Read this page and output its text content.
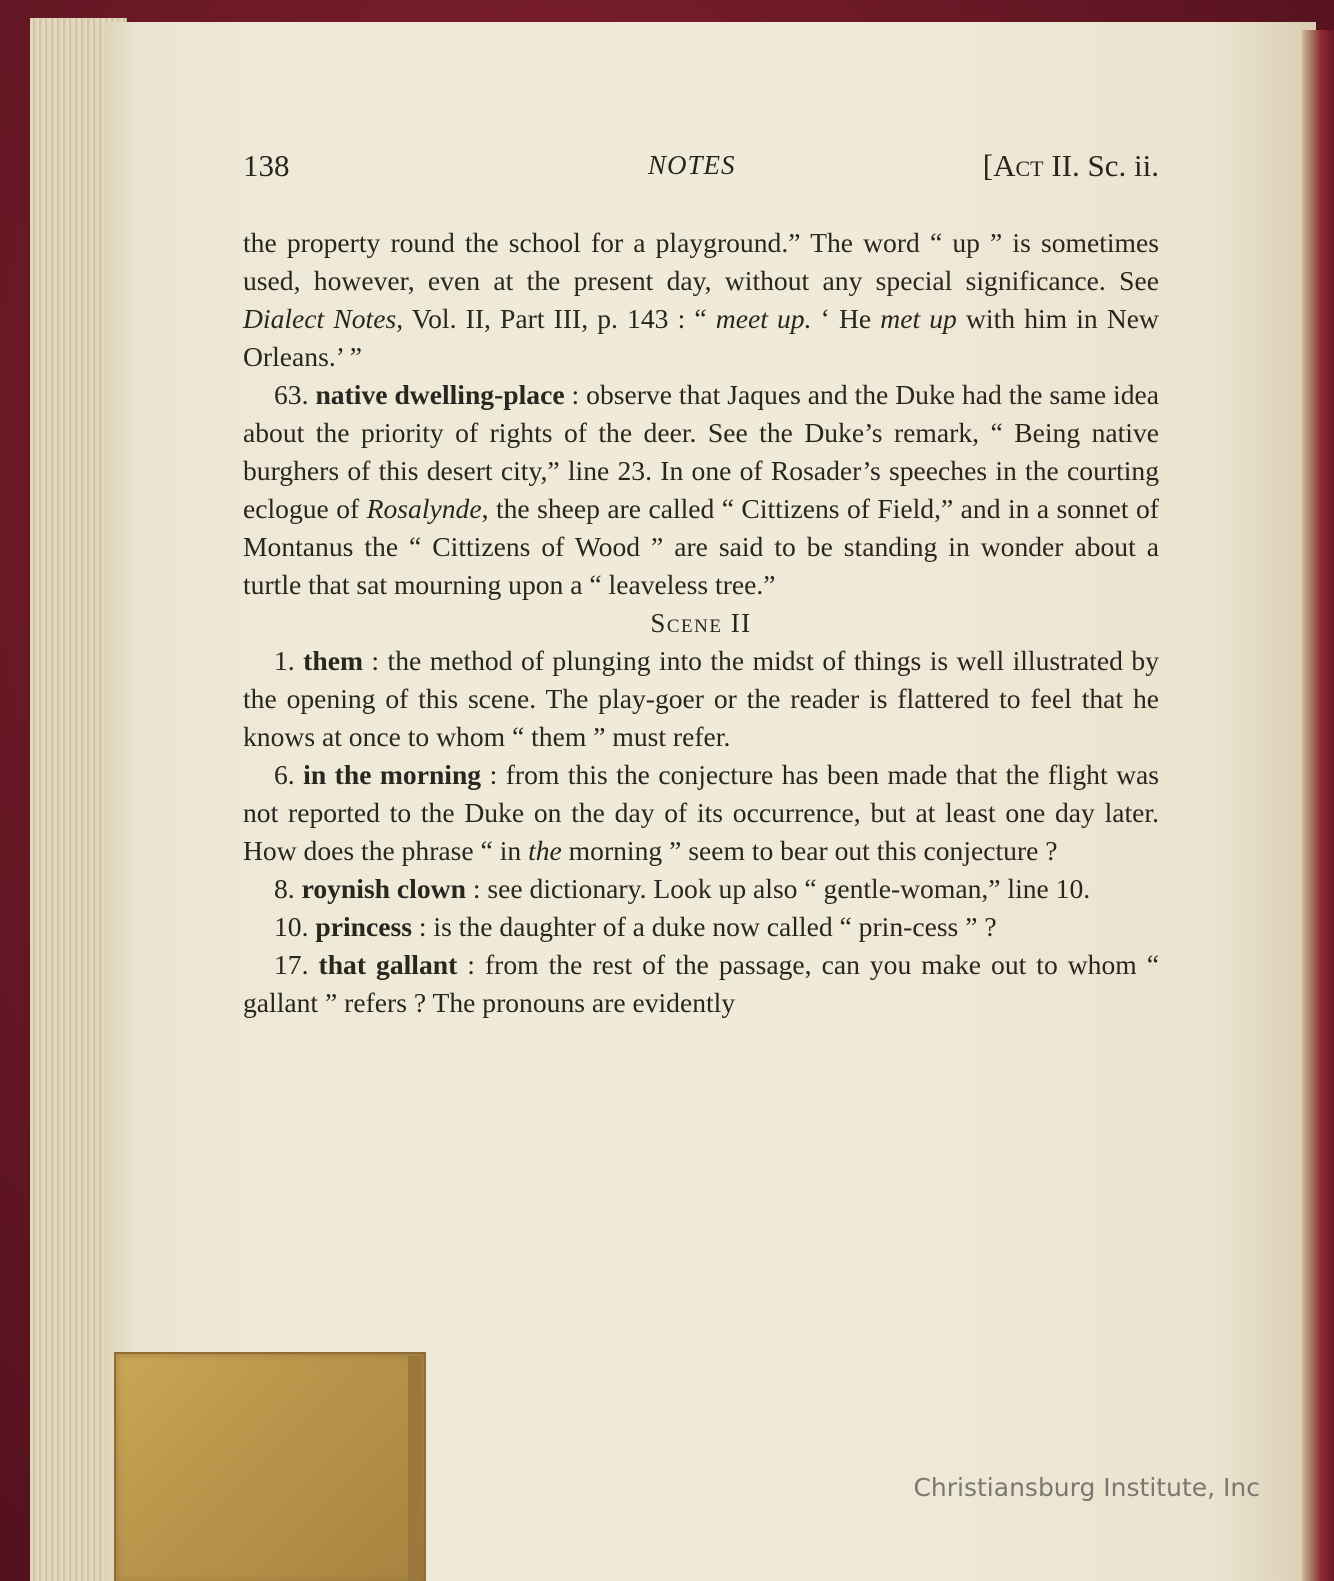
138	NOTES	[Act II. Sc. ii.

the property round the school for a playground.” The word “ up ” is sometimes used, however, even at the present day, without any special significance. See Dialect Notes, Vol. II, Part III, p. 143 : “ meet up. ‘ He met up with him in New Orleans.’ ”

63. native dwelling-place : observe that Jaques and the Duke had the same idea about the priority of rights of the deer. See the Duke’s remark, “ Being native burghers of this desert city,” line 23. In one of Rosader’s speeches in the courting eclogue of Rosalynde, the sheep are called “ Cittizens of Field,” and in a sonnet of Montanus the “ Cittizens of Wood ” are said to be standing in wonder about a turtle that sat mourning upon a “ leaveless tree.”

Scene II

1. them : the method of plunging into the midst of things is well illustrated by the opening of this scene. The play-goer or the reader is flattered to feel that he knows at once to whom “ them ” must refer.

6. in the morning : from this the conjecture has been made that the flight was not reported to the Duke on the day of its occurrence, but at least one day later. How does the phrase “ in the morning ” seem to bear out this conjecture ?

8. roynish clown : see dictionary. Look up also “ gentle-woman,” line 10.

10. princess : is the daughter of a duke now called “ prin-cess ” ?

17. that gallant : from the rest of the passage, can you make out to whom “ gallant ” refers ? The pronouns are evidently

Christiansburg Institute, Inc
